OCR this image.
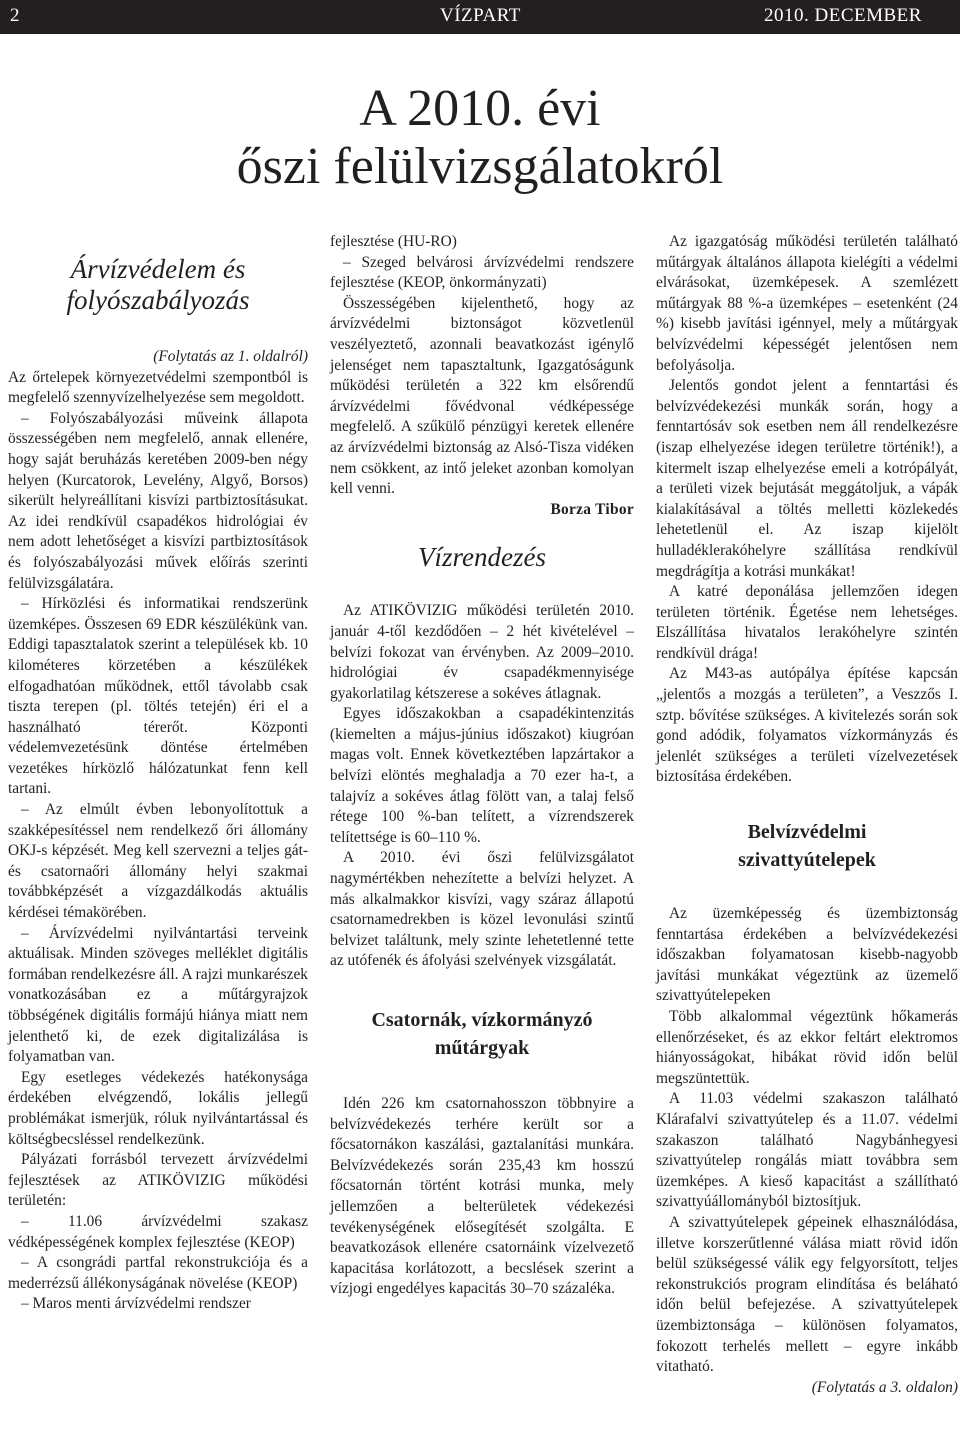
2	VÍZPART	2010. DECEMBER
A 2010. évi
őszi felülvizsgálatokról
Árvízvédelem és
folyószabályozás

(Folytatás az 1. oldalról)

Az őrtelepek környezetvédelmi szempontból is megfelelő szennyvízelhelyezése sem megoldott.

– Folyószabályozási műveink állapota összességében nem megfelelő, annak ellenére, hogy saját beruházás keretében 2009-ben négy helyen (Kurcatorok, Levelény, Algyő, Borsos) sikerült helyreállítani kisvízi partbiztosításukat. Az idei rendkívül csapadékos hidrológiai év nem adott lehetőséget a kisvízi partbiztosítások és folyószabályozási művek előírás szerinti felülvizsgálatára.

– Hírközlési és informatikai rendszerünk üzemképes. Összesen 69 EDR készülékünk van. Eddigi tapasztalatok szerint a települések kb. 10 kilométeres körzetében a készülékek elfogadhatóan működnek, ettől távolabb csak tiszta terepen (pl. töltés tetején) éri el a használható térerőt. Központi védelemvezetésünk döntése értelmében vezetékes hírközlő hálózatunkat fenn kell tartani.

– Az elmúlt évben lebonyolítottuk a szakképesítéssel nem rendelkező őri állomány OKJ-s képzését. Meg kell szervezni a teljes gát- és csatornaőri állomány helyi szakmai továbbképzését a vízgazdálkodás aktuális kérdései témakörében.

– Árvízvédelmi nyilvántartási terveink aktuálisak. Minden szöveges melléklet digitális formában rendelkezésre áll. A rajzi munkarészek vonatkozásában ez a műtárgyrajzok többségének digitális formájú hiánya miatt nem jelenthető ki, de ezek digitalizálása is folyamatban van.

Egy esetleges védekezés hatékonysága érdekében elvégzendő, lokális jellegű problémákat ismerjük, róluk nyilvántartással és költségbecsléssel rendelkezünk.

Pályázati forrásból tervezett árvízvédelmi fejlesztések az ATIKÖVIZIG működési területén:

– 11.06 árvízvédelmi szakasz védképességének komplex fejlesztése (KEOP)

– A csongrádi partfal rekonstrukciója és a mederrézsű állékonyságának növelése (KEOP)

– Maros menti árvízvédelmi rendszer

fejlesztése (HU-RO)

– Szeged belvárosi árvízvédelmi rendszere fejlesztése (KEOP, önkormányzati)

Összességében kijelenthető, hogy az árvízvédelmi biztonságot közvetlenül veszélyeztető, azonnali beavatkozást igénylő jelenséget nem tapasztaltunk, Igazgatóságunk működési területén a 322 km elsőrendű árvízvédelmi fővédvonal védképessége megfelelő. A szűkülő pénzügyi keretek ellenére az árvízvédelmi biztonság az Alsó-Tisza vidéken nem csökkent, az intő jeleket azonban komolyan kell venni.

Borza Tibor

Vízrendezés

Az ATIKÖVIZIG működési területén 2010. január 4-től kezdődően – 2 hét kivételével – belvízi fokozat van érvényben. Az 2009–2010. hidrológiai év csapadékmennyisége gyakorlatilag kétszerese a sokéves átlagnak.

Egyes időszakokban a csapadékintenzitás (kiemelten a május-június időszakot) kiugróan magas volt. Ennek következtében lapzártakor a belvízi elöntés meghaladja a 70 ezer ha-t, a talajvíz a sokéves átlag fölött van, a talaj felső rétege 100 %-ban telített, a vízrendszerek telítettsége is 60–110 %.

A 2010. évi őszi felülvizsgálatot nagymértékben nehezítette a belvízi helyzet. A más alkalmakkor kisvízi, vagy száraz állapotú csatornamedrekben is közel levonulási szintű belvizet találtunk, mely szinte lehetetlenné tette az utófenék és áfolyási szelvények vizsgálatát.

Csatornák, vízkormányzó
műtárgyak

Idén 226 km csatornahosszon többnyire a belvízvédekezés terhére került sor a főcsatornákon kaszálási, gaztalanítási munkára. Belvízvédekezés során 235,43 km hosszú főcsatornán történt kotrási munka, mely jellemzően a belterületek védekezési tevékenységének elősegítését szolgálta. E beavatkozások ellenére csatornáink vízelvezető kapacitása korlátozott, a becslések szerint a vízjogi engedélyes kapacitás 30–70 százaléka.

Az igazgatóság működési területén található műtárgyak általános állapota kielégíti a védelmi elvárásokat, üzemképesek. A szemlézett műtárgyak 88 %-a üzemképes – esetenként (24 %) kisebb javítási igénnyel, mely a műtárgyak belvízvédelmi képességét jelentősen nem befolyásolja.

Jelentős gondot jelent a fenntartási és belvízvédekezési munkák során, hogy a fenntartósáv sok esetben nem áll rendelkezésre (iszap elhelyezése idegen területre történik!), a kitermelt iszap elhelyezése emeli a kotrópályát, a területi vizek bejutását meggátoljuk, a vápák kialakításával a töltés melletti közlekedés lehetetlenül el. Az iszap kijelölt hulladéklerakóhelyre szállítása rendkívül megdrágítja a kotrási munkákat!

A katré deponálása jellemzően idegen területen történik. Égetése nem lehetséges. Elszállítása hivatalos lerakóhelyre szintén rendkívül drága!

Az M43-as autópálya építése kapcsán „jelentős a mozgás a területen”, a Veszzős I. sztp. bővítése szükséges. A kivitelezés során sok gond adódik, folyamatos vízkormányzás és jelenlét szükséges a területi vízelvezetések biztosítása érdekében.

Belvízvédelmi
szivattyútelepek

Az üzemképesség és üzembiztonság fenntartása érdekében a belvízvédekezési időszakban folyamatosan kisebb-nagyobb javítási munkákat végeztünk az üzemelő szivattyútelepeken

Több alkalommal végeztünk hőkamerás ellenőrzéseket, és az ekkor feltárt elektromos hiányosságokat, hibákat rövid időn belül megszüntettük.

A 11.03 védelmi szakaszon található Klárafalvi szivattyútelep és a 11.07. védelmi szakaszon található Nagybánhegyesi szivattyútelep rongálás miatt továbbra sem üzemképes. A kieső kapacitást a szállítható szivattyúállományból biztosítjuk.

A szivattyútelepek gépeinek elhasználódása, illetve korszerűtlenné válása miatt rövid időn belül szükségessé válik egy felgyorsított, teljes rekonstrukciós program elindítása és beláható időn belül befejezése. A szivattyútelepek üzembiztonsága – különösen folyamatos, fokozott terhelés mellett – egyre inkább vitatható.

(Folytatás a 3. oldalon)
